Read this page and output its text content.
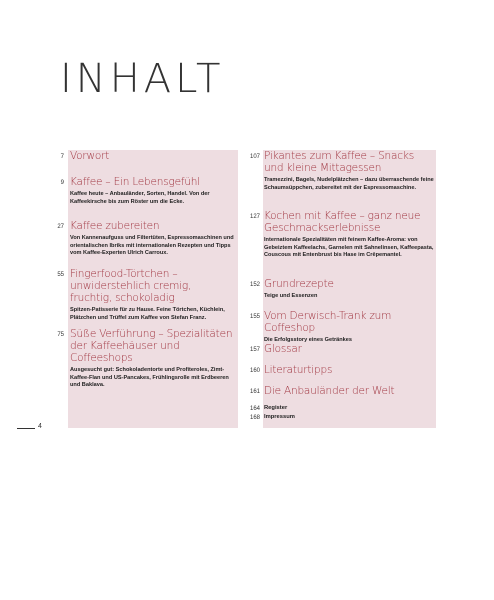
INHALT
7 Vorwort
9 Kaffee – Ein Lebensgefühl
Kaffee heute – Anbauländer, Sorten, Handel. Von der Kaffeekirsche bis zum Röster um die Ecke.
27 Kaffee zubereiten
Von Kannenaufguss und Filtertüten, Espressomaschinen und orientalischen Ibriks mit internationalen Rezepten und Tipps vom Kaffee-Experten Ulrich Carroux.
55 Fingerfood-Törtchen – unwiderstehlich cremig, fruchtig, schokoladig
Spitzen-Patisserie für zu Hause. Feine Törtchen, Küchlein, Plätzchen und Trüffel zum Kaffee von Stefan Franz.
75 Süße Verführung – Spezialitäten der Kaffeehäuser und Coffeeshops
Ausgesucht gut: Schokoladentorte und Profiteroles, Zimt-Kaffee-Flan und US-Pancakes, Frühlingsrolle mit Erdbeeren und Baklava.
107 Pikantes zum Kaffee – Snacks und kleine Mittagessen
Tramezzini, Bagels, Nudelplätzchen – dazu überraschende feine Schaumsüppchen, zubereitet mit der Espressomaschine.
127 Kochen mit Kaffee – ganz neue Geschmackserlebnisse
Internationale Spezialitäten mit feinem Kaffee-Aroma: von Gebeiztem Kaffeelachs, Garnelen mit Sahnelinsen, Kaffeepasta, Couscous mit Entenbrust bis Hase im Crêpemantel.
152 Grundrezepte
Teige und Essenzen
155 Vom Derwisch-Trank zum Coffeshop
Die Erfolgsstory eines Getränkes
157 Glossar
160 Literaturtipps
161 Die Anbauländer der Welt
164 Register
168 Impressum
4
